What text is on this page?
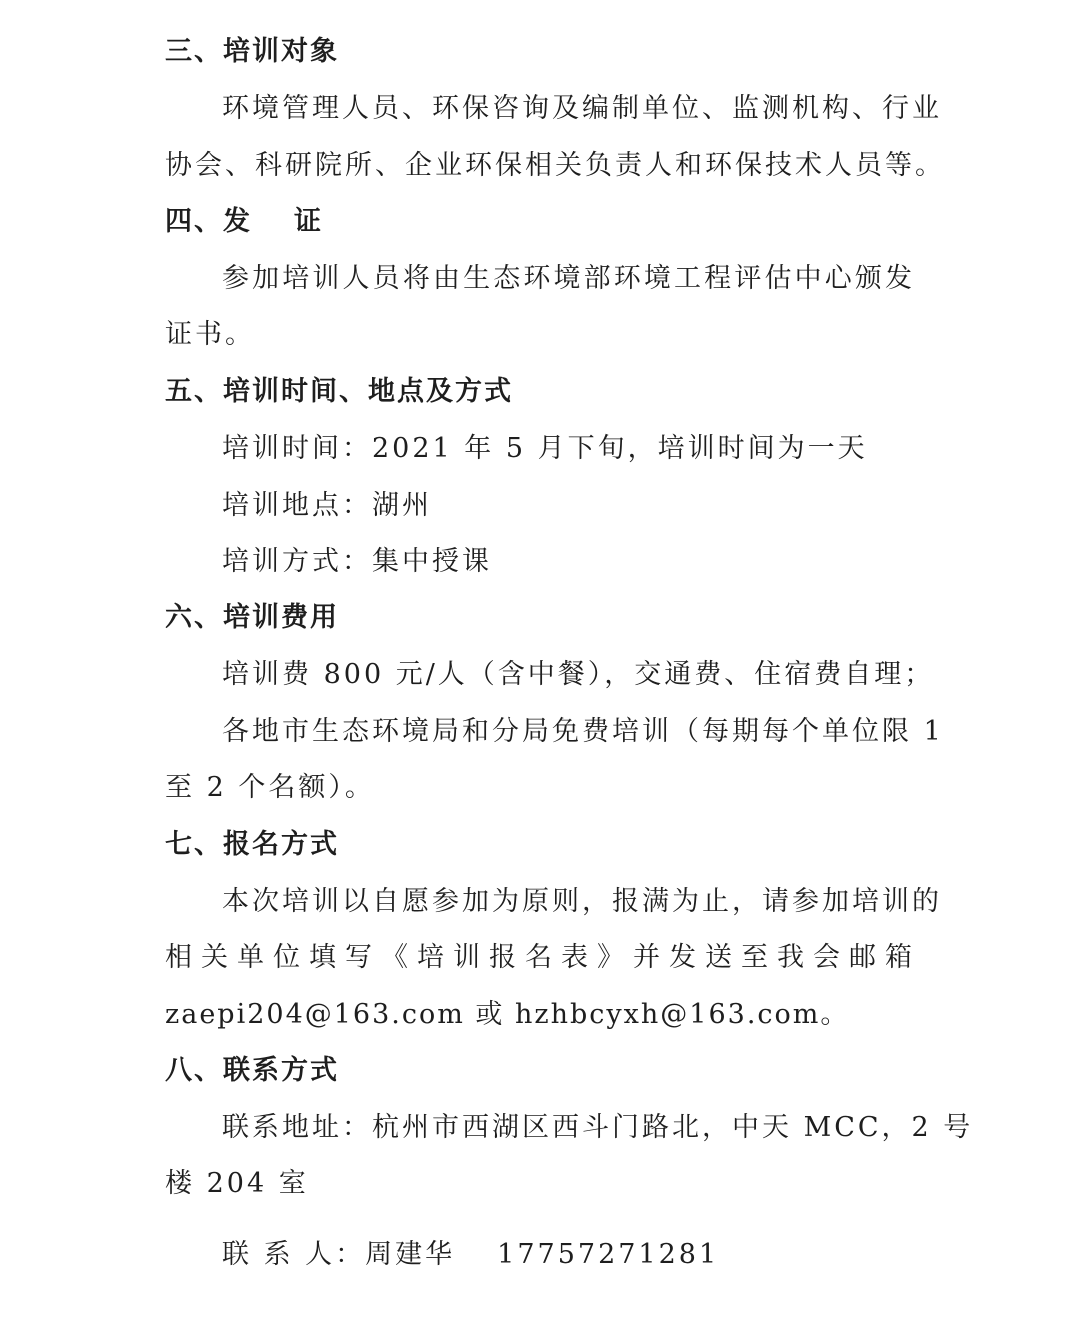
三、培训对象
环境管理人员、环保咨询及编制单位、监测机构、行业
协会、科研院所、企业环保相关负责人和环保技术人员等。
四、发 证
参加培训人员将由生态环境部环境工程评估中心颁发
证书。
五、培训时间、地点及方式
培训时间：2021 年 5 月下旬，培训时间为一天
培训地点：湖州
培训方式：集中授课
六、培训费用
培训费 800 元/人（含中餐），交通费、住宿费自理；
各地市生态环境局和分局免费培训（每期每个单位限 1
至 2 个名额）。
七、报名方式
本次培训以自愿参加为原则，报满为止，请参加培训的
相关单位填写《培训报名表》并发送至我会邮箱
zaepi204@163.com 或 hzhbcyxh@163.com。
八、联系方式
联系地址：杭州市西湖区西斗门路北，中天 MCC，2 号
楼 204 室
联 系 人：周建华 17757271281
